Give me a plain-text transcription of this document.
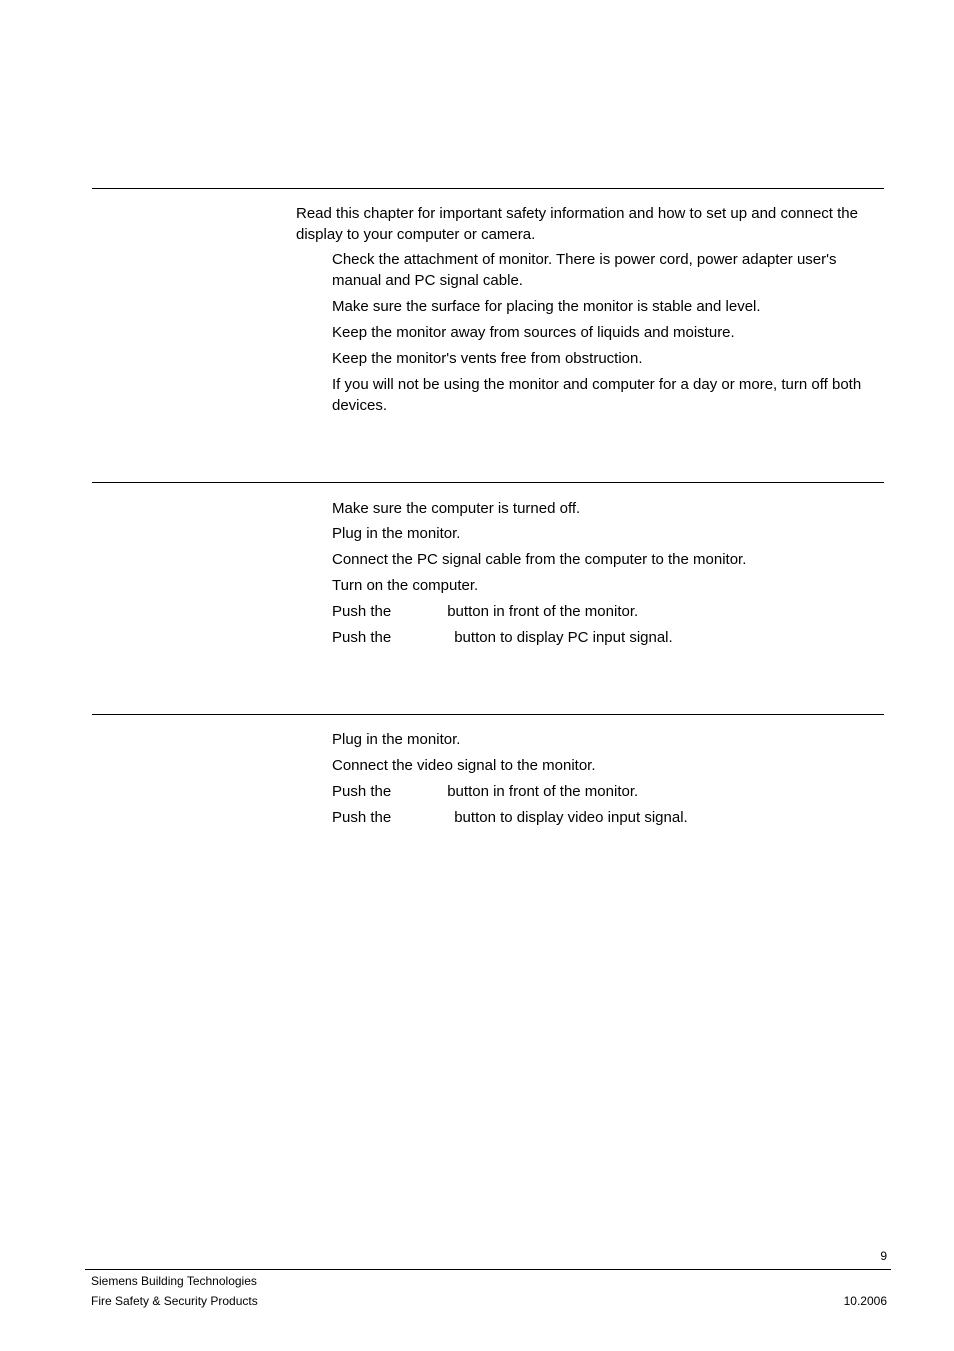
Read this chapter for important safety information and how to set up and connect the display to your computer or camera.

Check the attachment of monitor. There is power cord, power adapter user's manual and PC signal cable.

Make sure the surface for placing the monitor is stable and level.

Keep the monitor away from sources of liquids and moisture.

Keep the monitor's vents free from obstruction.

If you will not be using the monitor and computer for a day or more, turn off both devices.

Make sure the computer is turned off.

Plug in the monitor.

Connect the PC signal cable from the computer to the monitor.

Turn on the computer.

Push the	button in front of the monitor.

Push the	button to display PC input signal.

Plug in the monitor.

Connect the video signal to the monitor.

Push the	button in front of the monitor.

Push the	button to display video input signal.

9

Siemens Building Technologies

Fire Safety & Security Products	10.2006
